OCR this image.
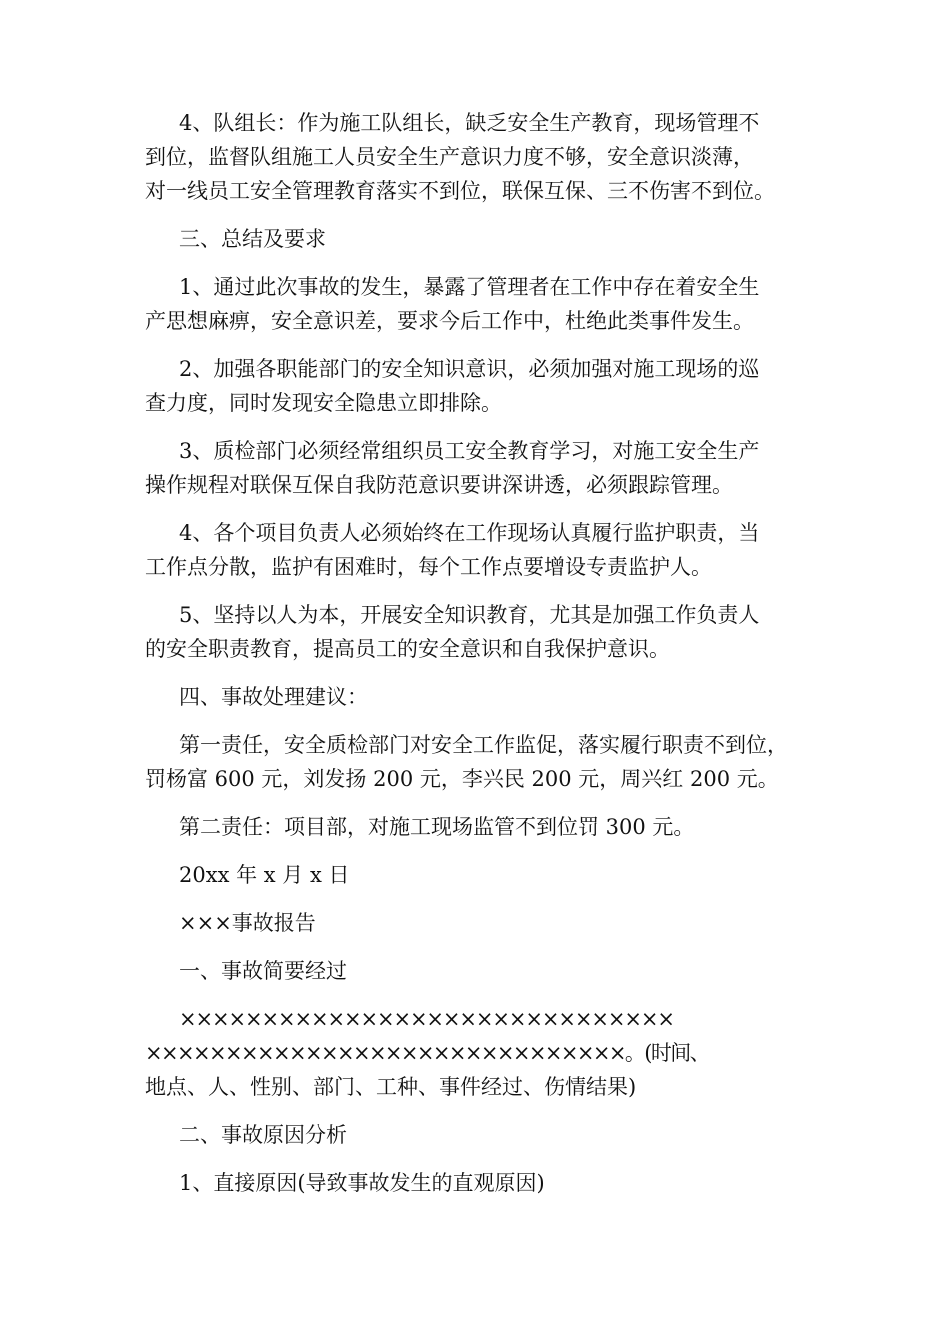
4、队组长：作为施工队组长，缺乏安全生产教育，现场管理不
到位，监督队组施工人员安全生产意识力度不够，安全意识淡薄，
对一线员工安全管理教育落实不到位，联保互保、三不伤害不到位。
三、总结及要求
1、通过此次事故的发生，暴露了管理者在工作中存在着安全生
产思想麻痹，安全意识差，要求今后工作中，杜绝此类事件发生。
2、加强各职能部门的安全知识意识，必须加强对施工现场的巡
查力度，同时发现安全隐患立即排除。
3、质检部门必须经常组织员工安全教育学习，对施工安全生产
操作规程对联保互保自我防范意识要讲深讲透，必须跟踪管理。
4、各个项目负责人必须始终在工作现场认真履行监护职责，当
工作点分散，监护有困难时，每个工作点要增设专责监护人。
5、坚持以人为本，开展安全知识教育，尤其是加强工作负责人
的安全职责教育，提高员工的安全意识和自我保护意识。
四、事故处理建议：
第一责任，安全质检部门对安全工作监促，落实履行职责不到位，
罚杨富 600 元，刘发扬 200 元，李兴民 200 元，周兴红 200 元。
第二责任：项目部，对施工现场监管不到位罚 300 元。
20xx 年 x 月 x 日
×××事故报告
一、事故简要经过
××××××××××××××××××××××××××××××
××××××××××××××××××××××××××××××。(时间、
地点、人、性别、部门、工种、事件经过、伤情结果)
二、事故原因分析
1、直接原因(导致事故发生的直观原因)
